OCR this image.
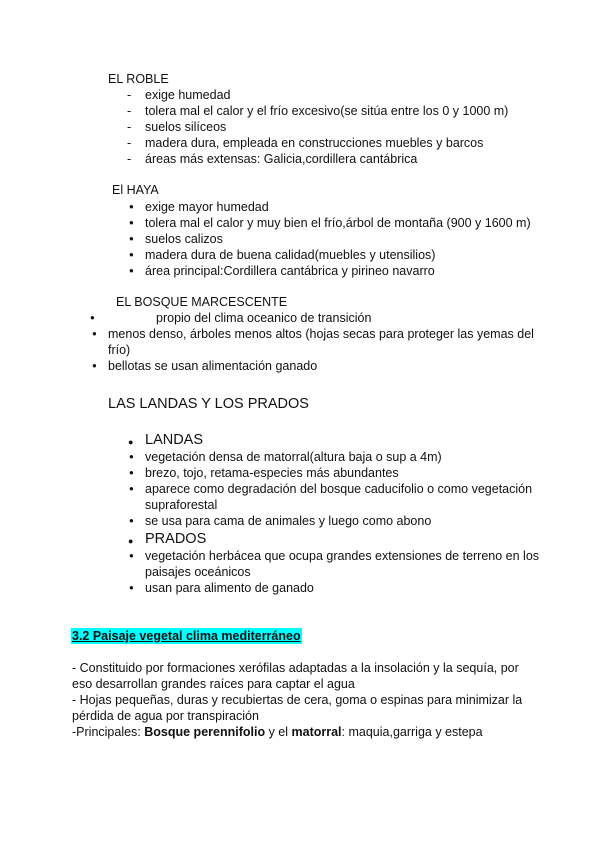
EL ROBLE
- exige humedad
- tolera mal el calor y el frío excesivo(se sitúa entre los 0 y 1000 m)
- suelos silíceos
- madera dura, empleada en construcciones muebles y barcos
- áreas más extensas: Galicia,cordillera cantábrica
El HAYA
● exige mayor humedad
● tolera mal el calor y muy bien el frío,árbol de montaña (900 y 1600 m)
● suelos calizos
● madera dura de buena calidad(muebles y utensilios)
● área principal:Cordillera cantábrica y pirineo navarro
EL BOSQUE MARCESCENTE
●	propio del clima oceanico de transición
● menos denso, árboles menos altos (hojas secas para proteger las yemas del
frío)
● bellotas se usan alimentación ganado
LAS LANDAS Y LOS PRADOS
● LANDAS
● vegetación densa de matorral(altura baja o sup a 4m)
● brezo, tojo, retama-especies más abundantes
● aparece como degradación del bosque caducifolio o como vegetación
supraforestal
● se usa para cama de animales y luego como abono
● PRADOS
● vegetación herbácea que ocupa grandes extensiones de terreno en los
paisajes oceánicos
● usan para alimento de ganado
3.2 Paisaje vegetal clima mediterráneo
- Constituido por formaciones xerófilas adaptadas a la insolación y la sequía, por
eso desarrollan grandes raíces para captar el agua
- Hojas pequeñas, duras y recubiertas de cera, goma o espinas para minimizar la
pérdida de agua por transpiración
-Principales: Bosque perennifolio y el matorral: maquia,garriga y estepa
